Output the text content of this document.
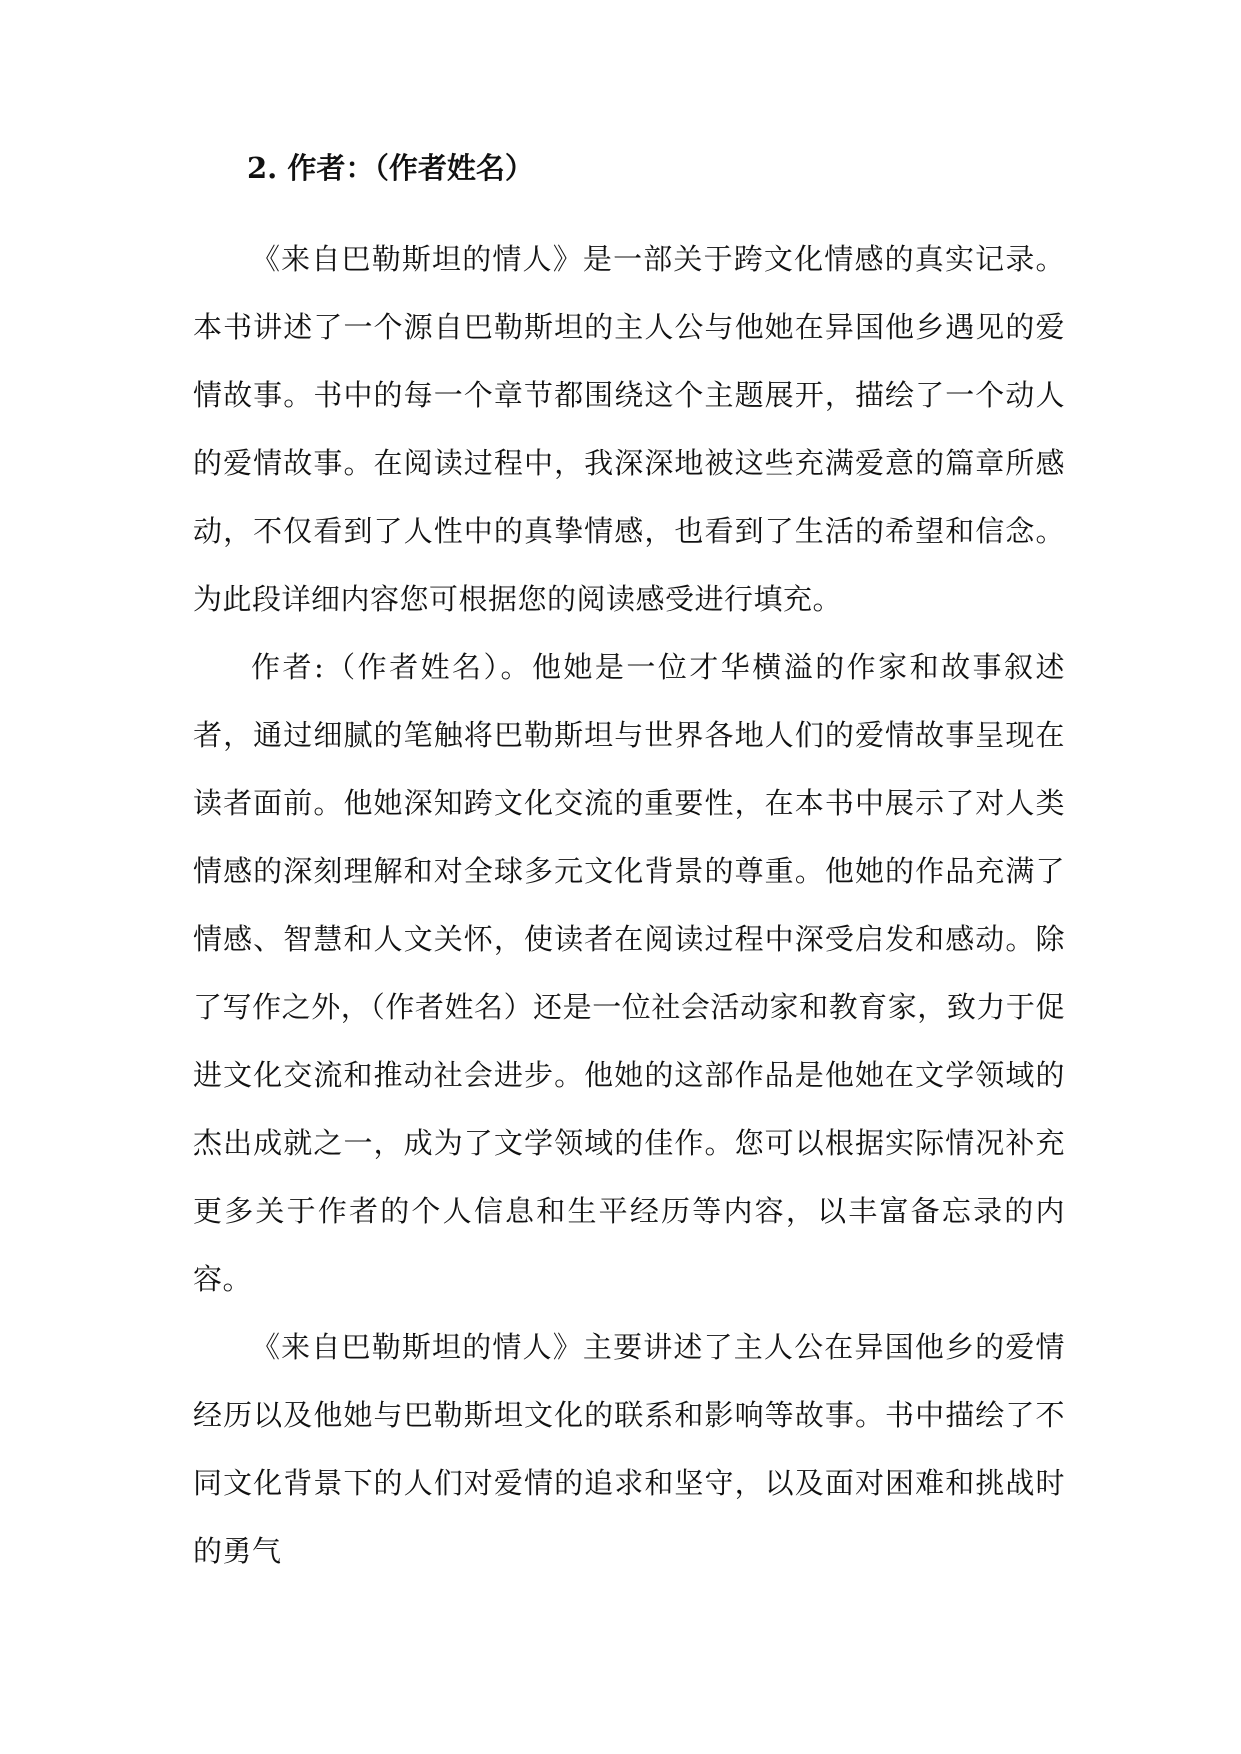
2. 作者：（作者姓名）

《来自巴勒斯坦的情人》是一部关于跨文化情感的真实记录。本书讲述了一个源自巴勒斯坦的主人公与他她在异国他乡遇见的爱情故事。书中的每一个章节都围绕这个主题展开，描绘了一个动人的爱情故事。在阅读过程中，我深深地被这些充满爱意的篇章所感动，不仅看到了人性中的真挚情感，也看到了生活的希望和信念。为此段详细内容您可根据您的阅读感受进行填充。

作者:（作者姓名）。他她是一位才华横溢的作家和故事叙述者，通过细腻的笔触将巴勒斯坦与世界各地人们的爱情故事呈现在读者面前。他她深知跨文化交流的重要性，在本书中展示了对人类情感的深刻理解和对全球多元文化背景的尊重。他她的作品充满了情感、智慧和人文关怀，使读者在阅读过程中深受启发和感动。除了写作之外，（作者姓名）还是一位社会活动家和教育家，致力于促进文化交流和推动社会进步。他她的这部作品是他她在文学领域的杰出成就之一，成为了文学领域的佳作。您可以根据实际情况补充更多关于作者的个人信息和生平经历等内容，以丰富备忘录的内容。

《来自巴勒斯坦的情人》主要讲述了主人公在异国他乡的爱情经历以及他她与巴勒斯坦文化的联系和影响等故事。书中描绘了不同文化背景下的人们对爱情的追求和坚守，以及面对困难和挑战时的勇气
